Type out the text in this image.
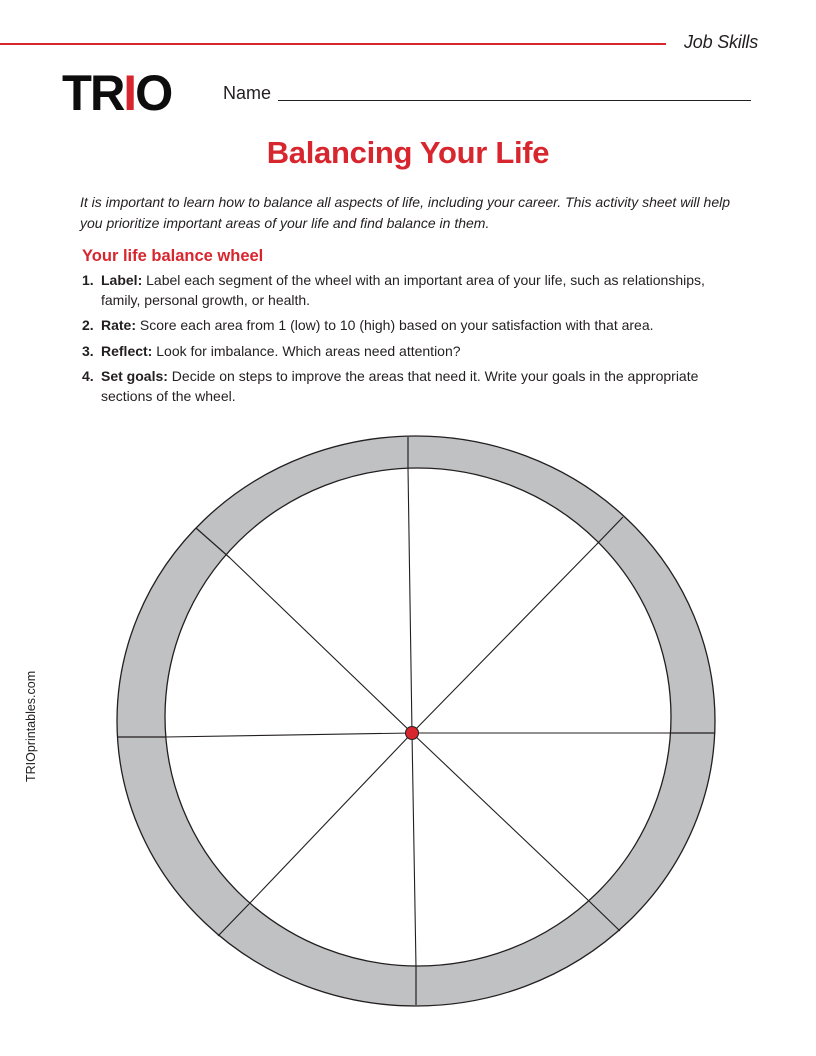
Job Skills
TRIO	Name
Balancing Your Life
It is important to learn how to balance all aspects of life, including your career. This activity sheet will help you prioritize important areas of your life and find balance in them.
Your life balance wheel
1. Label: Label each segment of the wheel with an important area of your life, such as relationships, family, personal growth, or health.
2. Rate: Score each area from 1 (low) to 10 (high) based on your satisfaction with that area.
3. Reflect: Look for imbalance. Which areas need attention?
4. Set goals: Decide on steps to improve the areas that need it. Write your goals in the appropriate sections of the wheel.
TRIOprintables.com
